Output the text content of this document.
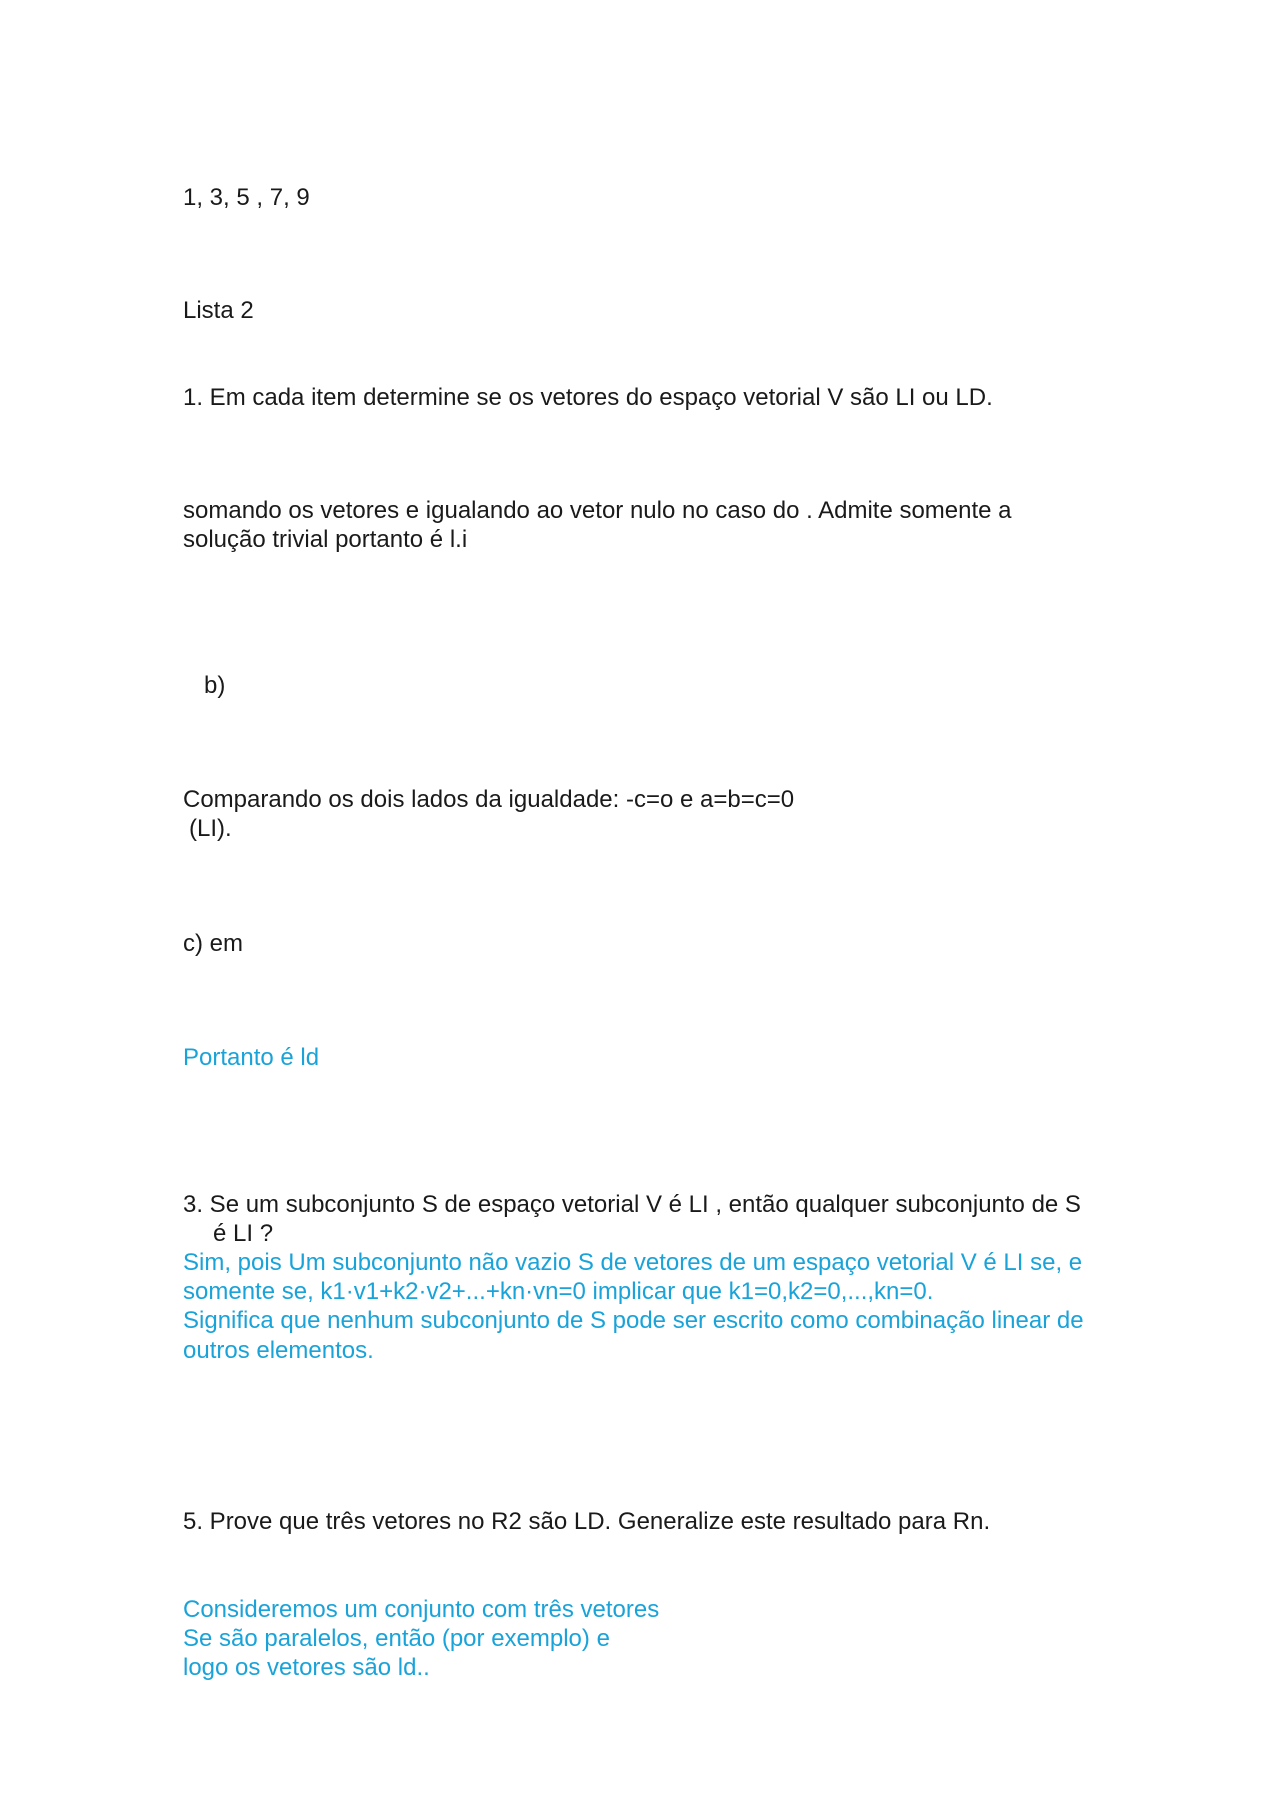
1, 3, 5 , 7, 9
Lista 2
1. Em cada item determine se os vetores do espaço vetorial V são LI ou LD.
somando os vetores e igualando ao vetor nulo no caso do . Admite somente a
solução trivial portanto é l.i
b)
Comparando os dois lados da igualdade: -c=o e a=b=c=0
(LI).
c) em
Portanto é ld
3. Se um subconjunto S de espaço vetorial V é LI , então qualquer subconjunto de S
é LI ?
Sim, pois Um subconjunto não vazio S de vetores de um espaço vetorial V é LI se, e
somente se, k1·v1+k2·v2+...+kn·vn=0 implicar que k1=0,k2=0,...,kn=0.
Significa que nenhum subconjunto de S pode ser escrito como combinação linear de
outros elementos.
5. Prove que três vetores no R2 são LD. Generalize este resultado para Rn.
Consideremos um conjunto com três vetores
Se são paralelos, então (por exemplo) e
logo os vetores são ld..
